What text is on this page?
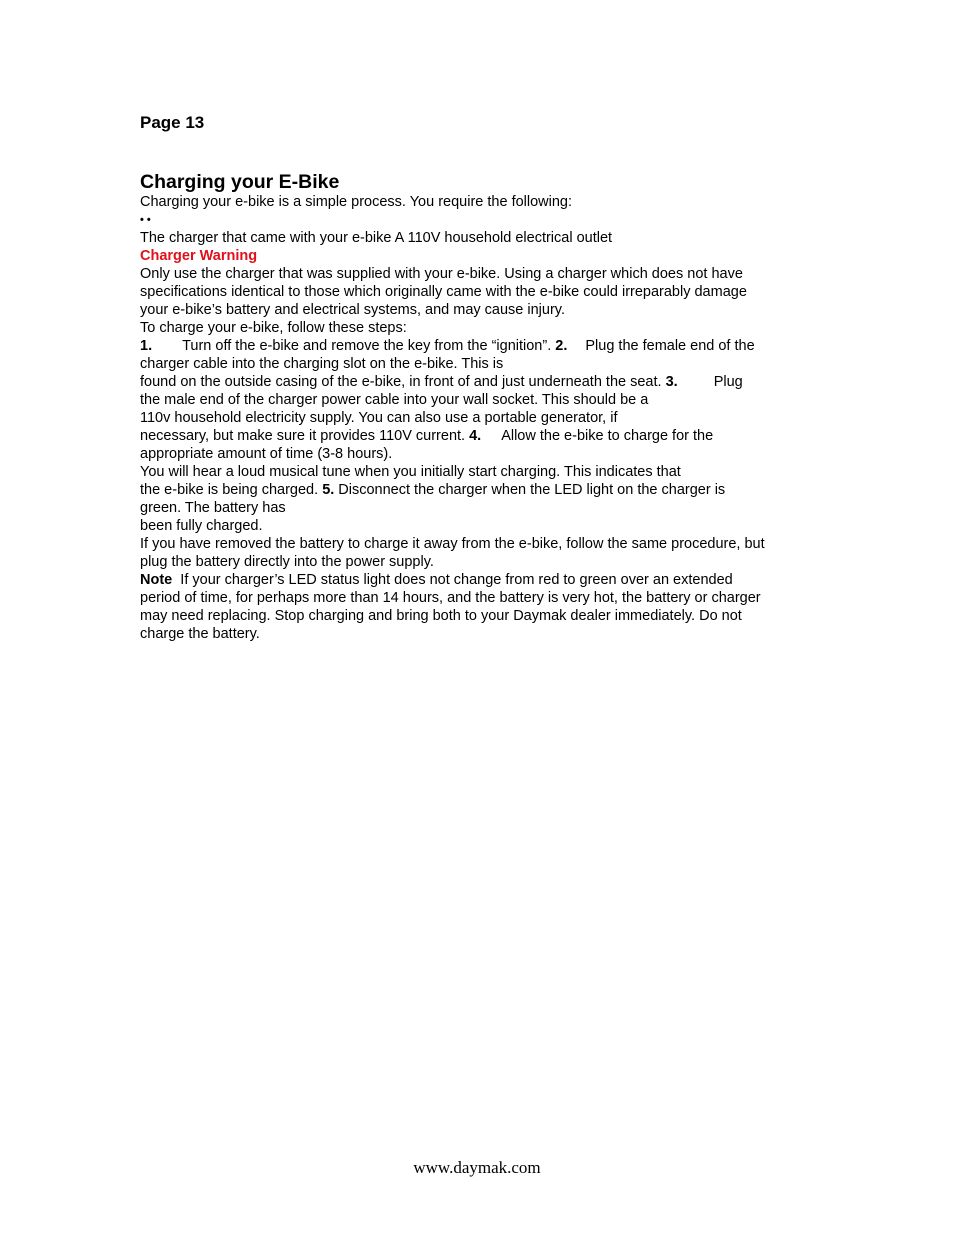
Page 13

Charging your E-Bike

Charging your e-bike is a simple process. You require the following:

• •

The charger that came with your e-bike A 110V household electrical outlet

Charger Warning

Only use the charger that was supplied with your e-bike. Using a charger which does not have

specifications identical to those which originally came with the e-bike could irreparably damage

your e-bike’s battery and electrical systems, and may cause injury.

To charge your e-bike, follow these steps:

1. Turn off the e-bike and remove the key from the “ignition”. 2. Plug the female end of the

charger cable into the charging slot on the e-bike. This is

found on the outside casing of the e-bike, in front of and just underneath the seat. 3. Plug

the male end of the charger power cable into your wall socket. This should be a

110v household electricity supply. You can also use a portable generator, if

necessary, but make sure it provides 110V current. 4. Allow the e-bike to charge for the

appropriate amount of time (3-8 hours).

You will hear a loud musical tune when you initially start charging. This indicates that

the e-bike is being charged. 5. Disconnect the charger when the LED light on the charger is

green. The battery has

been fully charged.

If you have removed the battery to charge it away from the e-bike, follow the same procedure, but

plug the battery directly into the power supply.

Note If your charger’s LED status light does not change from red to green over an extended

period of time, for perhaps more than 14 hours, and the battery is very hot, the battery or charger

may need replacing. Stop charging and bring both to your Daymak dealer immediately. Do not

charge the battery.

www.daymak.com
